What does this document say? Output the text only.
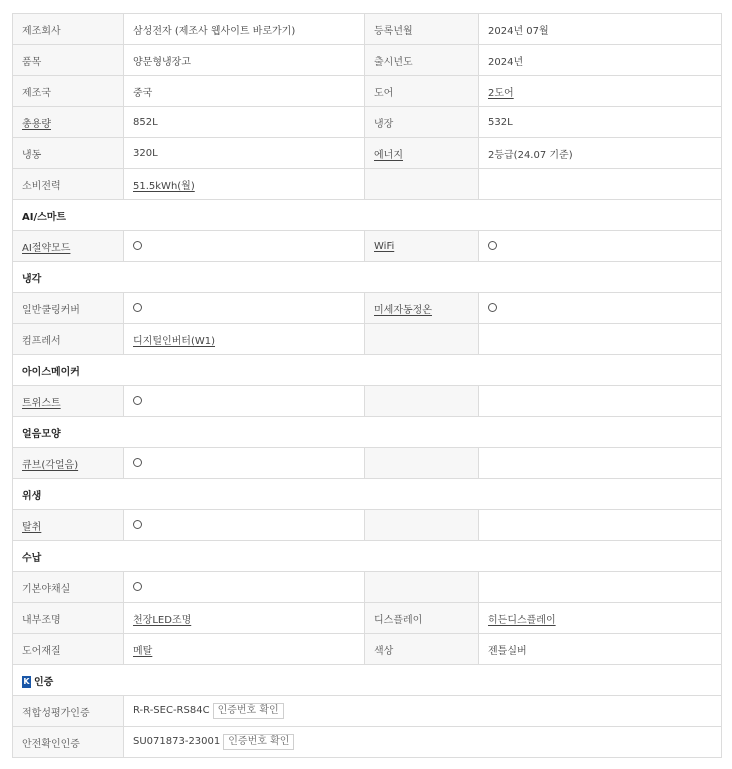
제조회사	삼성전자 (제조사 웹사이트 바로가기)	등록년월	2024년 07월
품목	양문형냉장고	출시년도	2024년
제조국	중국	도어	2도어
총용량	852L	냉장	532L
냉동	320L	에너지	2등급(24.07 기준)
소비전력	51.5kWh(월)		
AI/스마트			
AI절약모드		WiFi	
냉각			
일반쿨링커버		미세자동정온	
컴프레서	디지털인버터(W1)		
아이스메이커			
트위스트			
얼음모양			
큐브(각얼음)			
위생			
탈취			
수납			
기본야채실			
내부조명	천장LED조명	디스플레이	히든디스플레이
도어재질	메탈	색상	젠틀실버
K 인증			
적합성평가인증	R-R-SEC-RS84C 인증번호 확인		
안전확인인증	SU071873-23001 인증번호 확인		
